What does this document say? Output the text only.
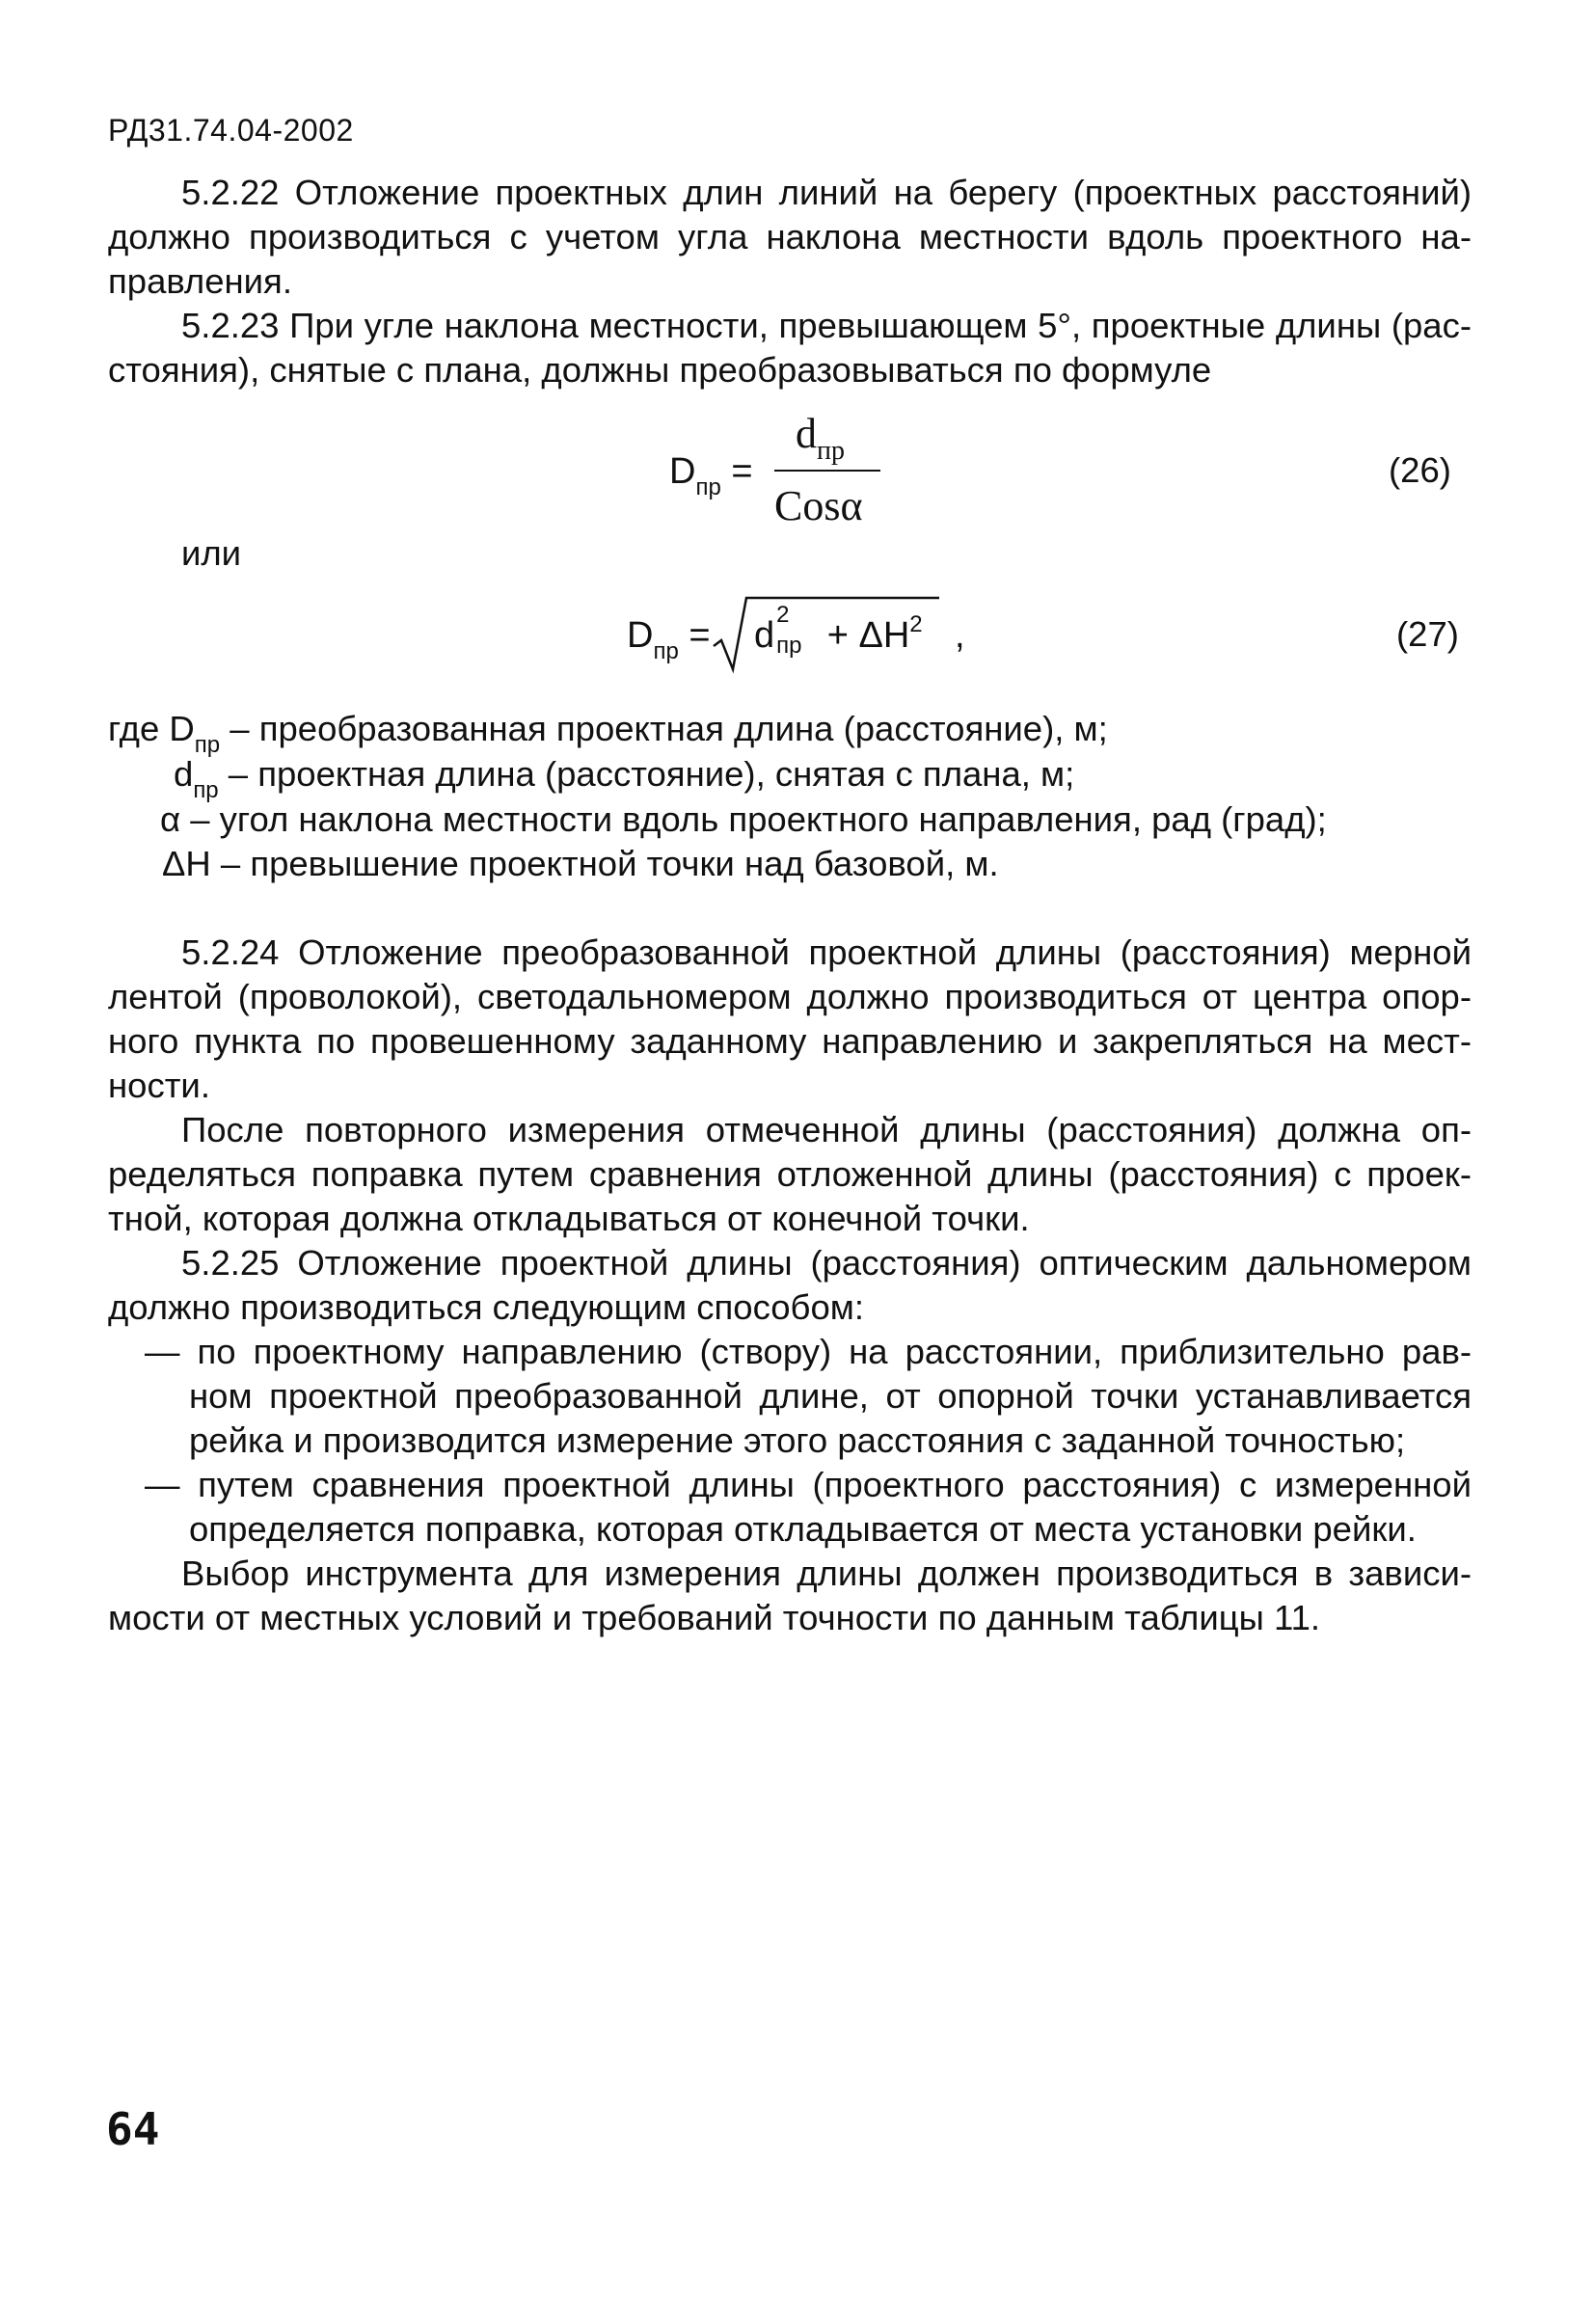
РД31.74.04-2002
5.2.22 Отложение проектных длин линий на берегу (проектных расстояний)
должно производиться с учетом угла наклона местности вдоль проектного на-
правления.
5.2.23 При угле наклона местности, превышающем 5°, проектные длины (рас-
стояния), снятые с плана, должны преобразовываться по формуле
$D_{пр}$ =
$d_{пр}$
Cosα
(26)
или
$D_{пр} = d$
2
пр + $\Delta H^2$ ,	(27)
где $D_{пр}$ – преобразованная проектная длина (расстояние), м;
$d_{пр}$ – проектная длина (расстояние), снятая с плана, м;
α – угол наклона местности вдоль проектного направления, рад (град);
ΔH – превышение проектной точки над базовой, м.
5.2.24 Отложение преобразованной проектной длины (расстояния) мерной
лентой (проволокой), светодальномером должно производиться от центра опор-
ного пункта по провешенному заданному направлению и закрепляться на мест-
ности.
После повторного измерения отмеченной длины (расстояния) должна оп-
ределяться поправка путем сравнения отложенной длины (расстояния) с проек-
тной, которая должна откладываться от конечной точки.
5.2.25 Отложение проектной длины (расстояния) оптическим дальномером
должно производиться следующим способом:
— по проектному направлению (створу) на расстоянии, приблизительно рав-
ном проектной преобразованной длине, от опорной точки устанавливается
рейка и производится измерение этого расстояния с заданной точностью;
— путем сравнения проектной длины (проектного расстояния) с измеренной
определяется поправка, которая откладывается от места установки рейки.
Выбор инструмента для измерения длины должен производиться в зависи-
мости от местных условий и требований точности по данным таблицы 11.
64
